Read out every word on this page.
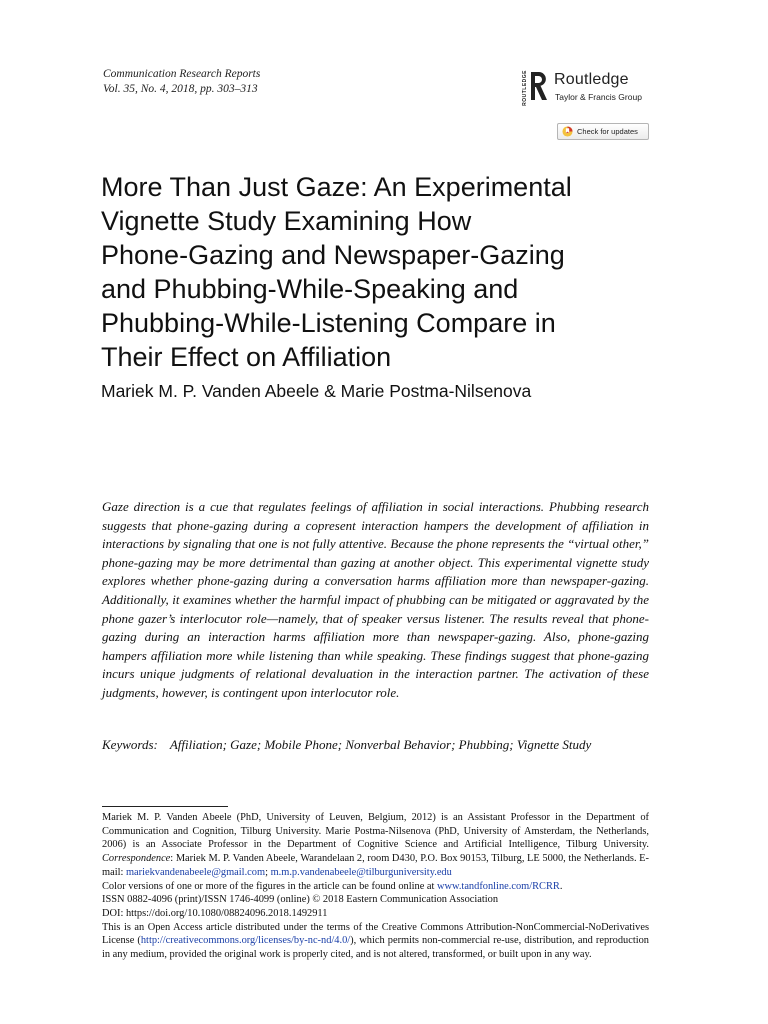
Communication Research Reports
Vol. 35, No. 4, 2018, pp. 303–313	ROUTLEDGE Routledge
Taylor & Francis Group
Check for updates
More Than Just Gaze: An Experimental
Vignette Study Examining How
Phone-Gazing and Newspaper-Gazing
and Phubbing-While-Speaking and
Phubbing-While-Listening Compare in
Their Effect on Affiliation
Mariek M. P. Vanden Abeele & Marie Postma-Nilsenova
Gaze direction is a cue that regulates feelings of affiliation in social interactions. Phubbing research suggests that phone-gazing during a copresent interaction hampers the development of affiliation in interactions by signaling that one is not fully attentive. Because the phone represents the “virtual other,” phone-gazing may be more detrimental than gazing at another object. This experimental vignette study explores whether phone-gazing during a conversation harms affiliation more than newspaper-gazing. Additionally, it examines whether the harmful impact of phubbing can be mitigated or aggravated by the phone gazer’s interlocutor role—namely, that of speaker versus listener. The results reveal that phone-gazing during an interaction harms affiliation more than newspaper-gazing. Also, phone-gazing hampers affiliation more while listening than while speaking. These findings suggest that phone-gazing incurs unique judgments of relational devaluation in the interaction partner. The activation of these judgments, however, is contingent upon interlocutor role.
Keywords: Affiliation; Gaze; Mobile Phone; Nonverbal Behavior; Phubbing; Vignette Study

Mariek M. P. Vanden Abeele (PhD, University of Leuven, Belgium, 2012) is an Assistant Professor in the Department of Communication and Cognition, Tilburg University. Marie Postma-Nilsenova (PhD, University of Amsterdam, the Netherlands, 2006) is an Associate Professor in the Department of Cognitive Science and Artificial Intelligence, Tilburg University. Correspondence: Mariek M. P. Vanden Abeele, Warandelaan 2, room D430, P.O. Box 90153, Tilburg, LE 5000, the Netherlands. E-mail: mariekvandenabeele@gmail.com; m.m.p.vandenabeele@tilburguniversity.edu

Color versions of one or more of the figures in the article can be found online at www.tandfonline.com/RCRR.

ISSN 0882-4096 (print)/ISSN 1746-4099 (online) © 2018 Eastern Communication Association

DOI: https://doi.org/10.1080/08824096.2018.1492911

This is an Open Access article distributed under the terms of the Creative Commons Attribution-NonCommercial-NoDerivatives License (http://creativecommons.org/licenses/by-nc-nd/4.0/), which permits non-commercial re-use, distribution, and reproduction in any medium, provided the original work is properly cited, and is not altered, transformed, or built upon in any way.
